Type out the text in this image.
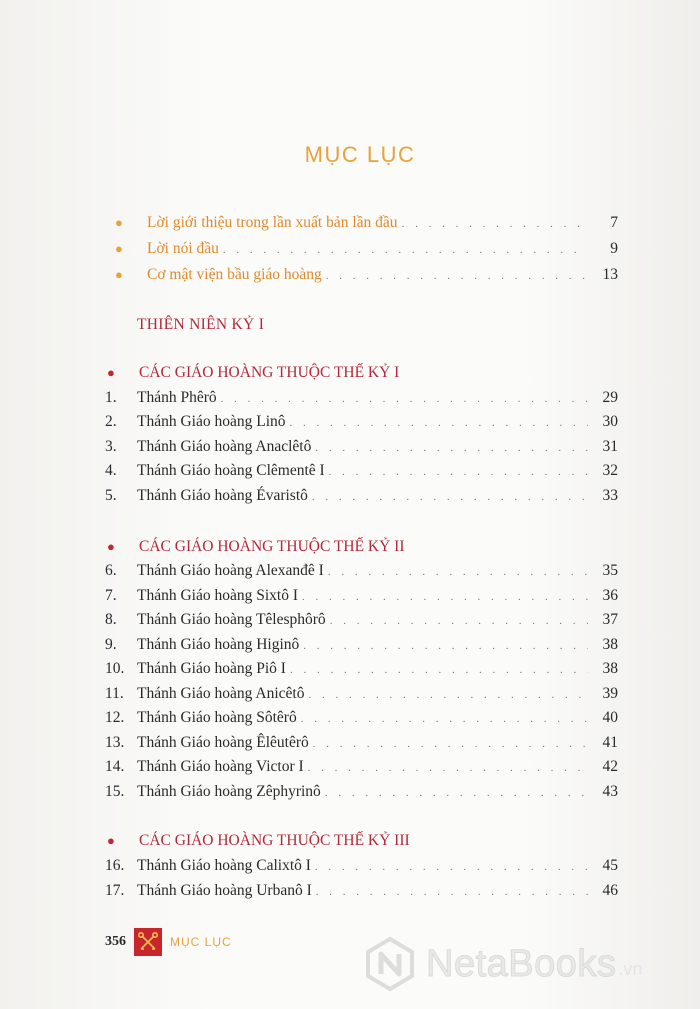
MỤC LỤC
●	Lời giới thiệu trong lần xuất bản lần đầu . . .	7
●	Lời nói đầu . . .	9
●	Cơ mật viện bầu giáo hoàng . . .	13
THIÊN NIÊN KỶ I
●	CÁC GIÁO HOÀNG THUỘC THẾ KỶ I
1.	Thánh Phêrô . . .	29
2.	Thánh Giáo hoàng Linô . . .	30
3.	Thánh Giáo hoàng Anaclêtô . . .	31
4.	Thánh Giáo hoàng Clêmentê I . . .	32
5.	Thánh Giáo hoàng Évaristô . . .	33
●	CÁC GIÁO HOÀNG THUỘC THẾ KỶ II
6.	Thánh Giáo hoàng Alexanđê I . . .	35
7.	Thánh Giáo hoàng Sixtô I . . .	36
8.	Thánh Giáo hoàng Têlesphôrô . . .	37
9.	Thánh Giáo hoàng Higinô . . .	38
10. Thánh Giáo hoàng Piô I . . .	38
11. Thánh Giáo hoàng Anicêtô . . .	39
12. Thánh Giáo hoàng Sôtêrô . . .	40
13. Thánh Giáo hoàng Êlêutêrô . . .	41
14. Thánh Giáo hoàng Victor I . . .	42
15. Thánh Giáo hoàng Zêphyrinô . . .	43
●	CÁC GIÁO HOÀNG THUỘC THẾ KỶ III
16. Thánh Giáo hoàng Calixtô I . . .	45
17. Thánh Giáo hoàng Urbanô I . . .	46
356	MỤC LỤC
NetaBooks .vn
